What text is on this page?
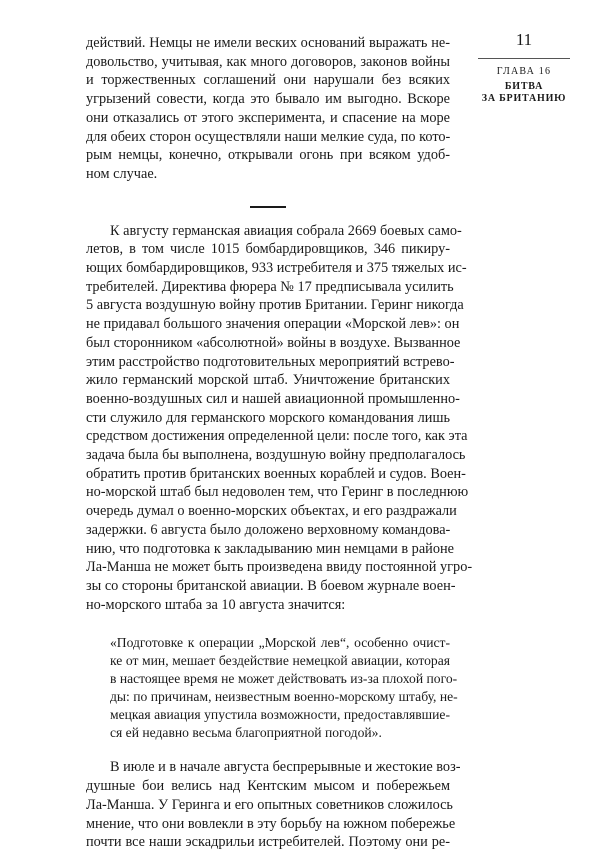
действий. Немцы не имели веских оснований выражать не-
довольство, учитывая, как много договоров, законов войны
и торжественных соглашений они нарушали без всяких
угрызений совести, когда это бывало им выгодно. Вскоре
они отказались от этого эксперимента, и спасение на море
для обеих сторон осуществляли наши мелкие суда, по кото-
рым немцы, конечно, открывали огонь при всяком удоб-
ном случае.

К августу германская авиация собрала 2669 боевых само-
летов, в том числе 1015 бомбардировщиков, 346 пикиру-
ющих бомбардировщиков, 933 истребителя и 375 тяжелых ис-
требителей. Директива фюрера № 17 предписывала усилить
5 августа воздушную войну против Британии. Геринг никогда
не придавал большого значения операции «Морской лев»: он
был сторонником «абсолютной» войны в воздухе. Вызванное
этим расстройство подготовительных мероприятий встрево-
жило германский морской штаб. Уничтожение британских
военно-воздушных сил и нашей авиационной промышленно-
сти служило для германского морского командования лишь
средством достижения определенной цели: после того, как эта
задача была бы выполнена, воздушную войну предполагалось
обратить против британских военных кораблей и судов. Воен-
но-морской штаб был недоволен тем, что Геринг в последнюю
очередь думал о военно-морских объектах, и его раздражали
задержки. 6 августа было доложено верховному командова-
нию, что подготовка к закладыванию мин немцами в районе
Ла-Манша не может быть произведена ввиду постоянной угро-
зы со стороны британской авиации. В боевом журнале воен-
но-морского штаба за 10 августа значится:

«Подготовке к операции „Морской лев“, особенно очист-
ке от мин, мешает бездействие немецкой авиации, которая
в настоящее время не может действовать из-за плохой пого-
ды: по причинам, неизвестным военно-морскому штабу, не-
мецкая авиация упустила возможности, предоставлявшие-
ся ей недавно весьма благоприятной погодой».

В июле и в начале августа беспрерывные и жестокие воз-
душные бои велись над Кентским мысом и побережьем
Ла-Манша. У Геринга и его опытных советников сложилось
мнение, что они вовлекли в эту борьбу на южном побережье
почти все наши эскадрильи истребителей. Поэтому они ре-

11
ГЛАВА 16
БИТВА
ЗА БРИТАНИЮ
